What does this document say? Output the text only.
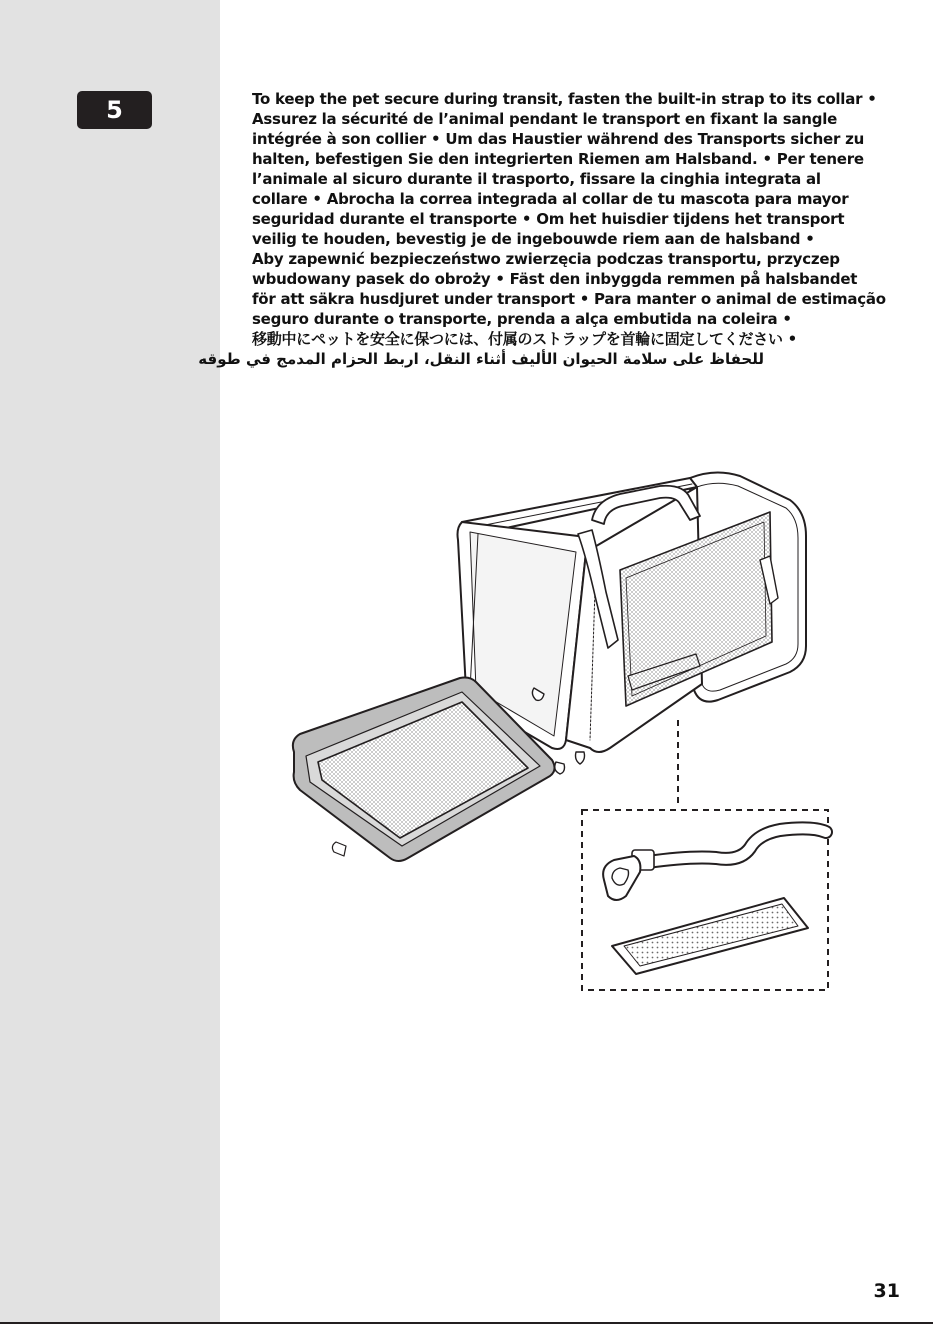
5	To keep the pet secure during transit, fasten the built-in strap to its collar •
Assurez la sécurité de l’animal pendant le transport en fixant la sangle
intégrée à son collier • Um das Haustier während des Transports sicher zu
halten, befestigen Sie den integrierten Riemen am Halsband. • Per tenere
l’animale al sicuro durante il trasporto, fissare la cinghia integrata al
collare • Abrocha la correa integrada al collar de tu mascota para mayor
seguridad durante el transporte • Om het huisdier tijdens het transport
veilig te houden, bevestig je de ingebouwde riem aan de halsband •
Aby zapewnić bezpieczeństwo zwierzęcia podczas transportu, przyczep
wbudowany pasek do obroży • Fäst den inbyggda remmen på halsbandet
för att säkra husdjuret under transport • Para manter o animal de estimação
seguro durante o transporte, prenda a alça embutida na coleira •
移動中にペットを安全に保つには、付属のストラップを首輪に固定してください •
للحفاظ على سلامة الحيوان الأليف أثناء النقل، اربط الحزام المدمج في طوقه

31
